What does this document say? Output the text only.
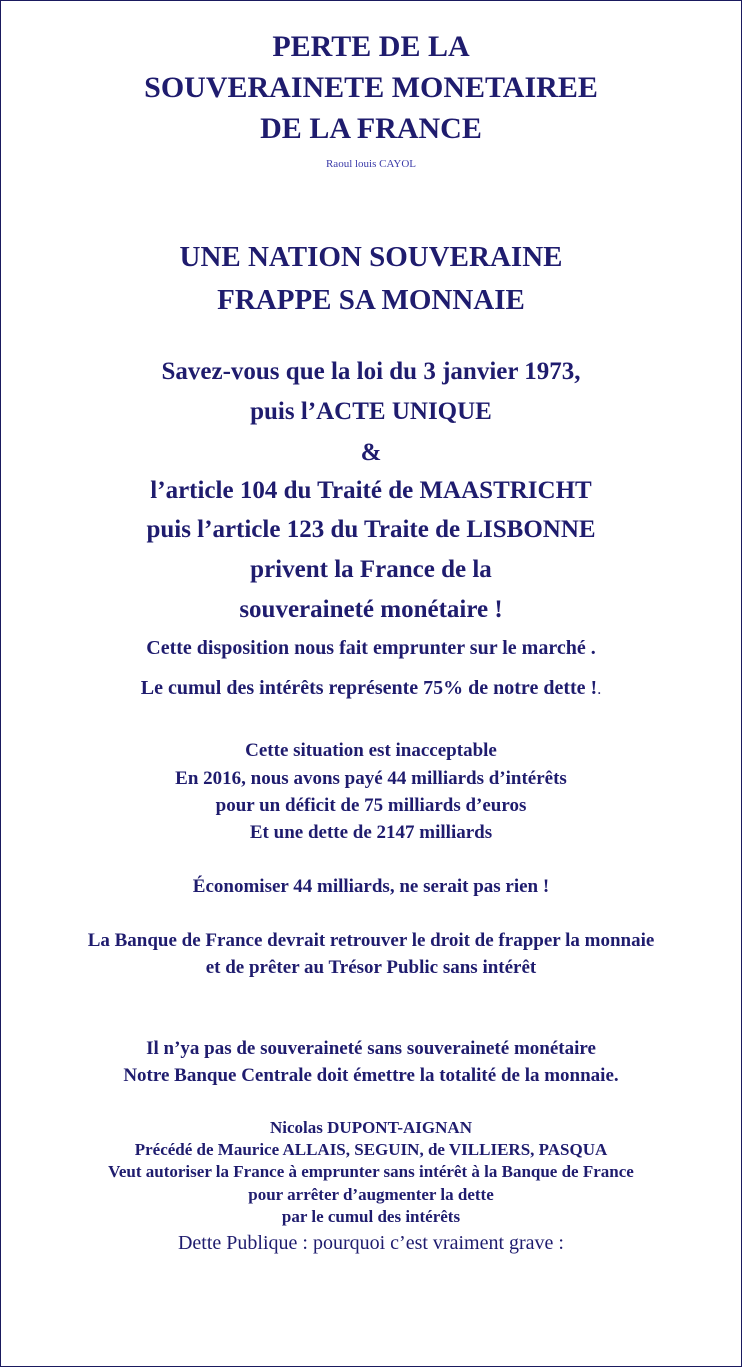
PERTE DE LA
SOUVERAINETE MONETAIREE
DE LA FRANCE
Raoul louis CAYOL
UNE NATION SOUVERAINE
FRAPPE SA MONNAIE
Savez-vous que la loi du 3 janvier 1973,
puis l’ACTE UNIQUE
&
l’article 104 du Traité de MAASTRICHT
puis l’article 123 du Traite de LISBONNE
privent la France de la
souveraineté monétaire !
Cette disposition nous fait emprunter sur le marché .
Le cumul des intérêts représente 75% de notre dette !.
Cette situation est inacceptable
En 2016, nous avons payé 44 milliards d’intérêts
pour un déficit de 75 milliards d’euros
Et une dette de 2147 milliards
Économiser 44 milliards, ne serait pas rien !
La Banque de France devrait retrouver le droit de frapper la monnaie
et de prêter au Trésor Public sans intérêt
Il n’ya pas de souveraineté sans souveraineté monétaire
Notre Banque Centrale doit émettre la totalité de la monnaie.
Nicolas DUPONT-AIGNAN
Précédé de Maurice ALLAIS, SEGUIN, de VILLIERS, PASQUA
Veut autoriser la France à emprunter sans intérêt à la Banque de France
pour arrêter d’augmenter la dette
par le cumul des intérêts
Dette Publique : pourquoi c’est vraiment grave :
